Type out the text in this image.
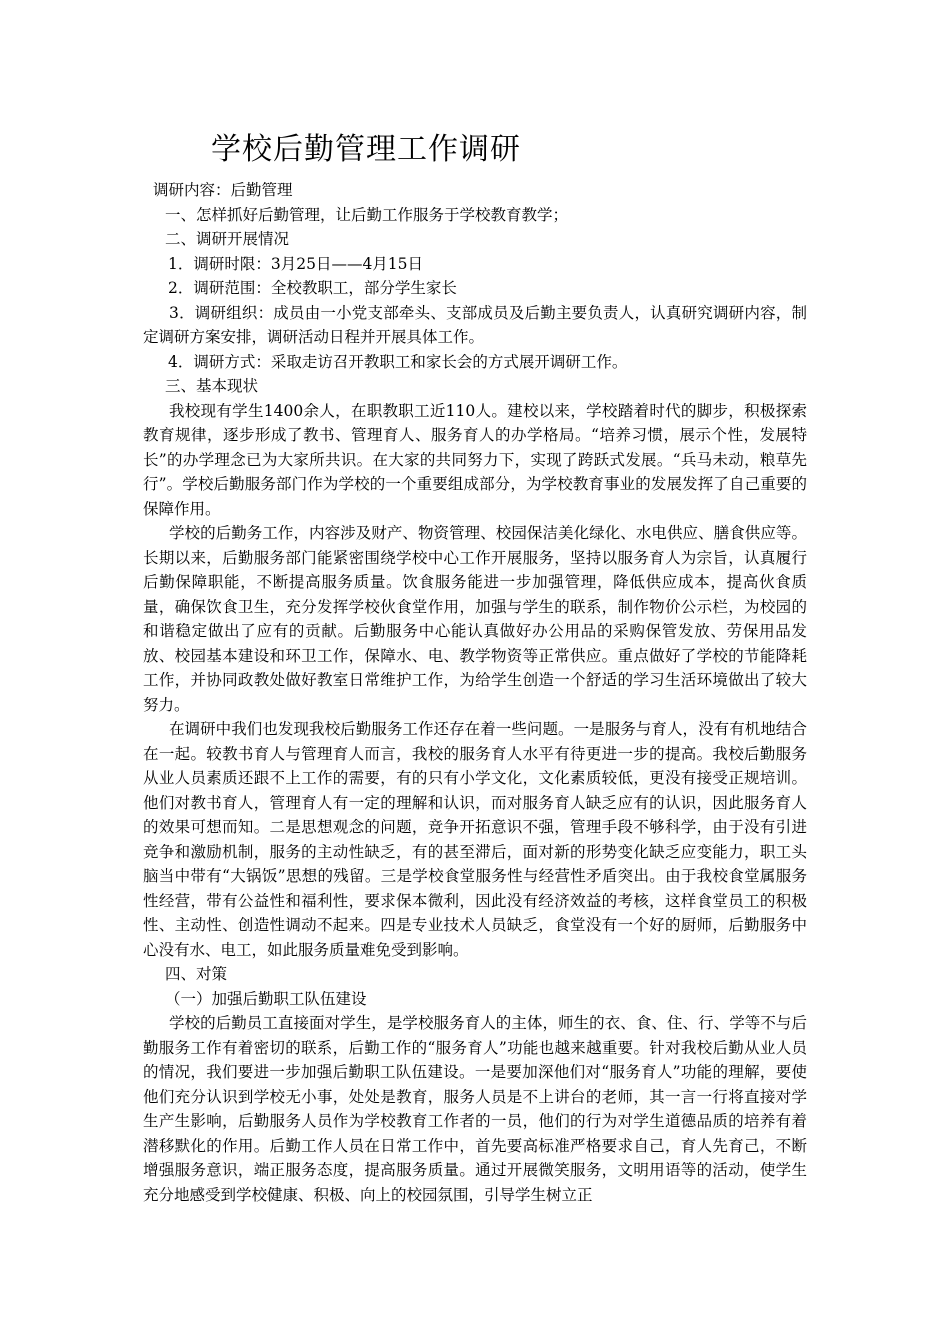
学校后勤管理工作调研

调研内容：后勤管理

一、怎样抓好后勤管理，让后勤工作服务于学校教育教学；

二、调研开展情况

1．调研时限：3月25日——4月15日

2．调研范围：全校教职工，部分学生家长

3．调研组织：成员由一小党支部牵头、支部成员及后勤主要负责人，认真研究调研内容，制定调研方案安排，调研活动日程并开展具体工作。

4．调研方式：采取走访召开教职工和家长会的方式展开调研工作。

三、基本现状

我校现有学生1400余人，在职教职工近110人。建校以来，学校踏着时代的脚步，积极探索教育规律，逐步形成了教书、管理育人、服务育人的办学格局。“培养习惯，展示个性，发展特长”的办学理念已为大家所共识。在大家的共同努力下，实现了跨跃式发展。“兵马未动，粮草先行”。学校后勤服务部门作为学校的一个重要组成部分，为学校教育事业的发展发挥了自己重要的保障作用。

学校的后勤务工作，内容涉及财产、物资管理、校园保洁美化绿化、水电供应、膳食供应等。长期以来，后勤服务部门能紧密围绕学校中心工作开展服务，坚持以服务育人为宗旨，认真履行后勤保障职能，不断提高服务质量。饮食服务能进一步加强管理，降低供应成本，提高伙食质量，确保饮食卫生，充分发挥学校伙食堂作用，加强与学生的联系，制作物价公示栏，为校园的和谐稳定做出了应有的贡献。后勤服务中心能认真做好办公用品的采购保管发放、劳保用品发放、校园基本建设和环卫工作，保障水、电、教学物资等正常供应。重点做好了学校的节能降耗工作，并协同政教处做好教室日常维护工作，为给学生创造一个舒适的学习生活环境做出了较大努力。

在调研中我们也发现我校后勤服务工作还存在着一些问题。一是服务与育人，没有有机地结合在一起。较教书育人与管理育人而言，我校的服务育人水平有待更进一步的提高。我校后勤服务从业人员素质还跟不上工作的需要，有的只有小学文化，文化素质较低，更没有接受正规培训。他们对教书育人，管理育人有一定的理解和认识，而对服务育人缺乏应有的认识，因此服务育人的效果可想而知。二是思想观念的问题，竞争开拓意识不强，管理手段不够科学，由于没有引进竞争和激励机制，服务的主动性缺乏，有的甚至滞后，面对新的形势变化缺乏应变能力，职工头脑当中带有“大锅饭”思想的残留。三是学校食堂服务性与经营性矛盾突出。由于我校食堂属服务性经营，带有公益性和福利性，要求保本微利，因此没有经济效益的考核，这样食堂员工的积极性、主动性、创造性调动不起来。四是专业技术人员缺乏，食堂没有一个好的厨师，后勤服务中心没有水、电工，如此服务质量难免受到影响。

四、对策

（一）加强后勤职工队伍建设

学校的后勤员工直接面对学生，是学校服务育人的主体，师生的衣、食、住、行、学等不与后勤服务工作有着密切的联系，后勤工作的“服务育人”功能也越来越重要。针对我校后勤从业人员的情况，我们要进一步加强后勤职工队伍建设。一是要加深他们对“服务育人”功能的理解，要使他们充分认识到学校无小事，处处是教育，服务人员是不上讲台的老师，其一言一行将直接对学生产生影响，后勤服务人员作为学校教育工作者的一员，他们的行为对学生道德品质的培养有着潜移默化的作用。后勤工作人员在日常工作中，首先要高标准严格要求自己，育人先育己，不断增强服务意识，端正服务态度，提高服务质量。通过开展微笑服务，文明用语等的活动，使学生充分地感受到学校健康、积极、向上的校园氛围，引导学生树立正
